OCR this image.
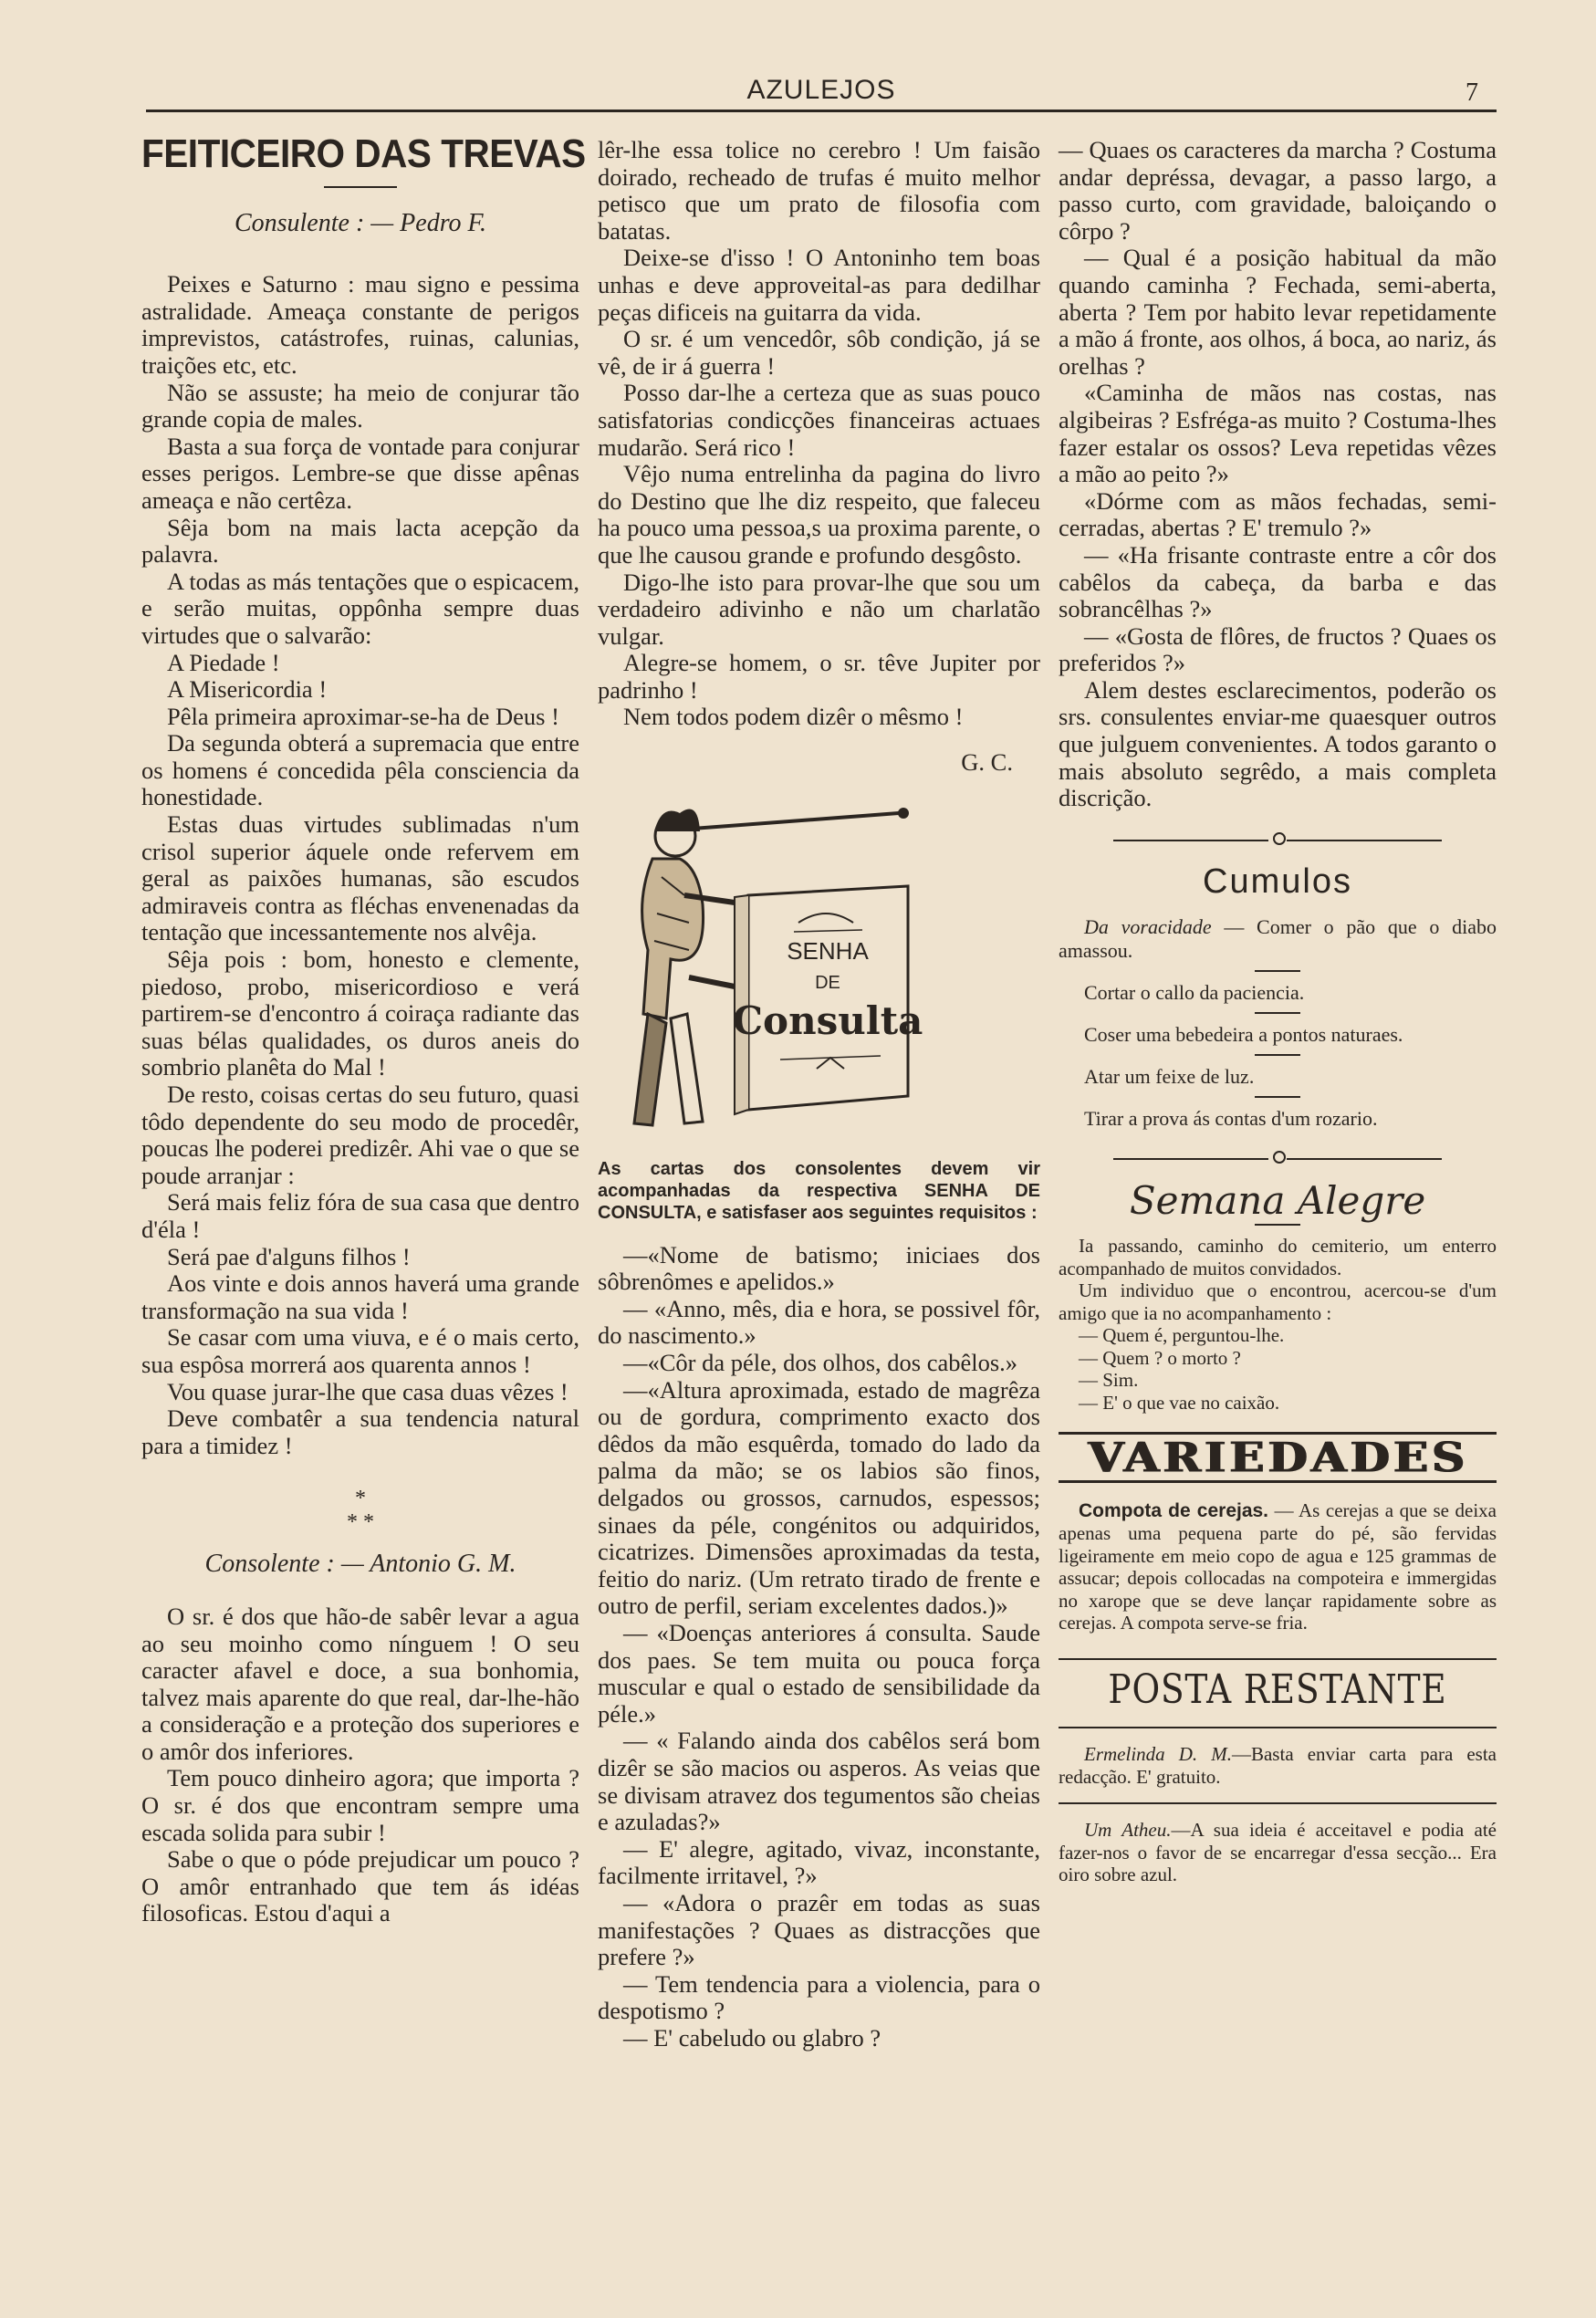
AZULEJOS	7
FEITICEIRO DAS TREVAS
Consulente : — Pedro F.

Peixes e Saturno : mau signo e pessima astralidade. Ameaça constante de perigos imprevistos, catástrofes, ruinas, calunias, traições etc, etc.

Não se assuste; ha meio de conjurar tão grande copia de males.

Basta a sua força de vontade para conjurar esses perigos. Lembre-se que disse apênas ameaça e não certêza.

Sêja bom na mais lacta acepção da palavra.

A todas as más tentações que o espicacem, e serão muitas, oppônha sempre duas virtudes que o salvarão:

A Piedade !

A Misericordia !

Pêla primeira aproximar-se-ha de Deus !

Da segunda obterá a supremacia que entre os homens é concedida pêla consciencia da honestidade.

Estas duas virtudes sublimadas n'um crisol superior áquele onde refervem em geral as paixões humanas, são escudos admiraveis contra as fléchas envenenadas da tentação que incessantemente nos alvêja.

Sêja pois : bom, honesto e clemente, piedoso, probo, misericordioso e verá partirem-se d'encontro á coiraça radiante das suas bélas qualidades, os duros aneis do sombrio planêta do Mal !

De resto, coisas certas do seu futuro, quasi tôdo dependente do seu modo de procedêr, poucas lhe poderei predizêr. Ahi vae o que se poude arranjar :

Será mais feliz fóra de sua casa que dentro d'éla !

Será pae d'alguns filhos !

Aos vinte e dois annos haverá uma grande transformação na sua vida !

Se casar com uma viuva, e é o mais certo, sua espôsa morrerá aos quarenta annos !

Vou quase jurar-lhe que casa duas vêzes !

Deve combatêr a sua tendencia natural para a timidez !

*
* *
Consolente : — Antonio G. M.

O sr. é dos que hão-de sabêr levar a agua ao seu moinho como nínguem ! O seu caracter afavel e doce, a sua bonhomia, talvez mais aparente do que real, dar-lhe-hão a consideração e a proteção dos superiores e o amôr dos inferiores.

Tem pouco dinheiro agora; que importa ? O sr. é dos que encontram sempre uma escada solida para subir !

Sabe o que o póde prejudicar um pouco ? O amôr entranhado que tem ás idéas filosoficas. Estou d'aqui a

lêr-lhe essa tolice no cerebro ! Um faisão doirado, recheado de trufas é muito melhor petisco que um prato de filosofia com batatas.

Deixe-se d'isso ! O Antoninho tem boas unhas e deve approveital-as para dedilhar peças dificeis na guitarra da vida.

O sr. é um vencedôr, sôb condição, já se vê, de ir á guerra !

Posso dar-lhe a certeza que as suas pouco satisfatorias condicções financeiras actuaes mudarão. Será rico !

Vêjo numa entrelinha da pagina do livro do Destino que lhe diz respeito, que faleceu ha pouco uma pessoa,s ua proxima parente, o que lhe causou grande e profundo desgôsto.

Digo-lhe isto para provar-lhe que sou um verdadeiro adivinho e não um charlatão vulgar.

Alegre-se homem, o sr. têve Jupiter por padrinho !

Nem todos podem dizêr o mêsmo !

G. C.
SENHA
DE
Consulta
As cartas dos consolentes devem vir acompanhadas da respectiva SENHA DE CONSULTA, e satisfaser aos seguintes requisitos :

—«Nome de batismo; iniciaes dos sôbrenômes e apelidos.»

— «Anno, mês, dia e hora, se possivel fôr, do nascimento.»

—«Côr da péle, dos olhos, dos cabêlos.»

—«Altura aproximada, estado de magrêza ou de gordura, comprimento exacto dos dêdos da mão esquêrda, tomado do lado da palma da mão; se os labios são finos, delgados ou grossos, carnudos, espessos; sinaes da péle, congénitos ou adquiridos, cicatrizes. Dimensões aproximadas da testa, feitio do nariz. (Um retrato tirado de frente e outro de perfil, seriam excelentes dados.)»

— «Doenças anteriores á consulta. Saude dos paes. Se tem muita ou pouca força muscular e qual o estado de sensibilidade da péle.»

— « Falando ainda dos cabêlos será bom dizêr se são macios ou asperos. As veias que se divisam atravez dos tegumentos são cheias e azuladas?»

— E' alegre, agitado, vivaz, inconstante, facilmente irritavel, ?»

— «Adora o prazêr em todas as suas manifestações ? Quaes as distracções que prefere ?»

— Tem tendencia para a violencia, para o despotismo ?

— E' cabeludo ou glabro ?

— Quaes os caracteres da marcha ? Costuma andar depréssa, devagar, a passo largo, a passo curto, com gravidade, baloiçando o côrpo ?

— Qual é a posição habitual da mão quando caminha ? Fechada, semi-aberta, aberta ? Tem por habito levar repetidamente a mão á fronte, aos olhos, á boca, ao nariz, ás orelhas ?

«Caminha de mãos nas costas, nas algibeiras ? Esfréga-as muito ? Costuma-lhes fazer estalar os ossos? Leva repetidas vêzes a mão ao peito ?»

«Dórme com as mãos fechadas, semi-cerradas, abertas ? E' tremulo ?»

— «Ha frisante contraste entre a côr dos cabêlos da cabeça, da barba e das sobrancêlhas ?»

— «Gosta de flôres, de fructos ? Quaes os preferidos ?»

Alem destes esclarecimentos, poderão os srs. consulentes enviar-me quaesquer outros que julguem convenientes. A todos garanto o mais absoluto segrêdo, a mais completa discrição.

Cumulos

Da voracidade — Comer o pão que o diabo amassou.

Cortar o callo da paciencia.

Coser uma bebedeira a pontos naturaes.

Atar um feixe de luz.

Tirar a prova ás contas d'um rozario.

Semana Alegre

Ia passando, caminho do cemiterio, um enterro acompanhado de muitos convidados.

Um individuo que o encontrou, acercou-se d'um amigo que ia no acompanhamento :

— Quem é, perguntou-lhe.

— Quem ? o morto ?

— Sim.

— E' o que vae no caixão.

VARIEDADES

Compota de cerejas. — As cerejas a que se deixa apenas uma pequena parte do pé, são fervidas ligeiramente em meio copo de agua e 125 grammas de assucar; depois collocadas na compoteira e immergidas no xarope que se deve lançar rapidamente sobre as cerejas. A compota serve-se fria.

POSTA RESTANTE

Ermelinda D. M.—Basta enviar carta para esta redacção. E' gratuito.

Um Atheu.—A sua ideia é acceitavel e podia até fazer-nos o favor de se encarregar d'essa secção... Era oiro sobre azul.
